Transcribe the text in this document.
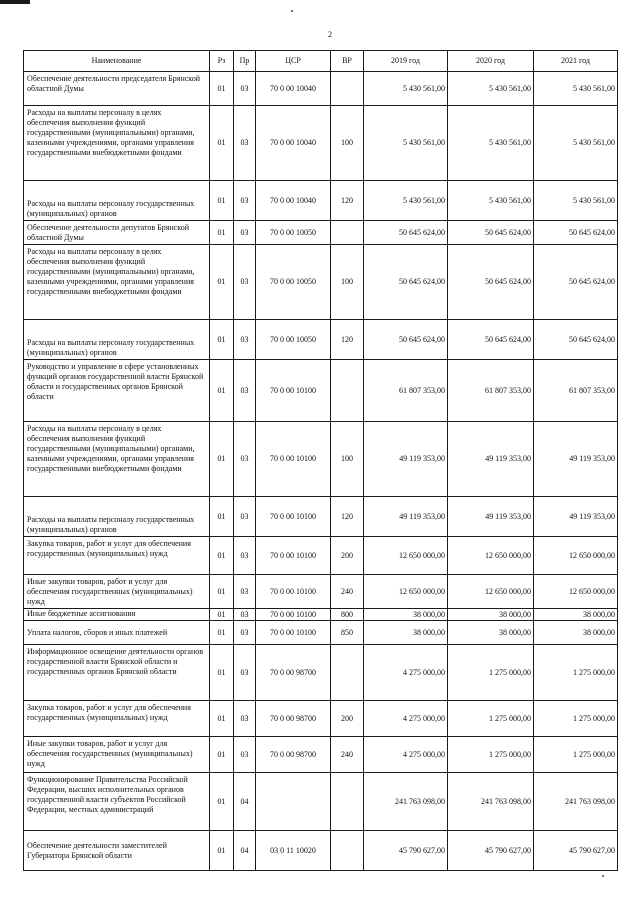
2
Наименование	Рз	Пр	ЦСР	ВР	2019 год	2020 год	2021 год
Обеспечение деятельности председателя Брянской областной Думы	01	03	70 0 00 10040		5 430 561,00	5 430 561,00	5 430 561,00
Расходы на выплаты персоналу в целях обеспечения выполнения функций государственными (муниципальными) органами, казенными учреждениями, органами управления государственными внебюджетными фондами	01	03	70 0 00 10040	100	5 430 561,00	5 430 561,00	5 430 561,00
Расходы на выплаты персоналу государственных (муниципальных) органов	01	03	70 0 00 10040	120	5 430 561,00	5 430 561,00	5 430 561,00
Обеспечение деятельности депутатов Брянской областной Думы	01	03	70 0 00 10050		50 645 624,00	50 645 624,00	50 645 624,00
Расходы на выплаты персоналу в целях обеспечения выполнения функций государственными (муниципальными) органами, казенными учреждениями, органами управления государственными внебюджетными фондами	01	03	70 0 00 10050	100	50 645 624,00	50 645 624,00	50 645 624,00
Расходы на выплаты персоналу государственных (муниципальных) органов	01	03	70 0 00 10050	120	50 645 624,00	50 645 624,00	50 645 624,00
Руководство и управление в сфере установленных функций органов государственной власти Брянской области и государственных органов Брянской области	01	03	70 0 00 10100		61 807 353,00	61 807 353,00	61 807 353,00
Расходы на выплаты персоналу в целях обеспечения выполнения функций государственными (муниципальными) органами, казенными учреждениями, органами управления государственными внебюджетными фондами	01	03	70 0 00 10100	100	49 119 353,00	49 119 353,00	49 119 353,00
Расходы на выплаты персоналу государственных (муниципальных) органов	01	03	70 0 00 10100	120	49 119 353,00	49 119 353,00	49 119 353,00
Закупка товаров, работ и услуг для обеспечения государственных (муниципальных) нужд	01	03	70 0 00 10100	200	12 650 000,00	12 650 000,00	12 650 000,00
Иные закупки товаров, работ и услуг для обеспечения государственных (муниципальных) нужд	01	03	70 0 00 10100	240	12 650 000,00	12 650 000,00	12 650 000,00
Иные бюджетные ассигнования	01	03	70 0 00 10100	800	38 000,00	38 000,00	38 000,00
Уплата налогов, сборов и иных платежей	01	03	70 0 00 10100	850	38 000,00	38 000,00	38 000,00
Информационное освещение деятельности органов государственной власти Брянской области и государственных органов Брянской области	01	03	70 0 00 98700		4 275 000,00	1 275 000,00	1 275 000,00
Закупка товаров, работ и услуг для обеспечения государственных (муниципальных) нужд	01	03	70 0 00 98700	200	4 275 000,00	1 275 000,00	1 275 000,00
Иные закупки товаров, работ и услуг для обеспечения государственных (муниципальных) нужд	01	03	70 0 00 98700	240	4 275 000,00	1 275 000,00	1 275 000,00
Функционирование Правительства Российской Федерации, высших исполнительных органов государственной власти субъектов Российской Федерации, местных администраций	01	04			241 763 098,00	241 763 098,00	241 763 098,00
Обеспечение деятельности заместителей Губернатора Брянской области	01	04	03 0 11 10020		45 790 627,00	45 790 627,00	45 790 627,00
